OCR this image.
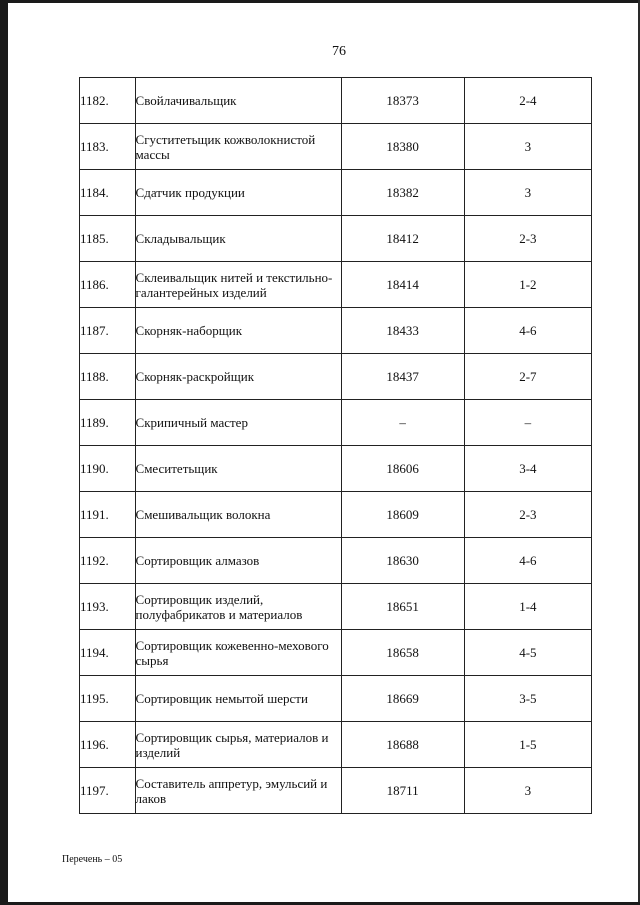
76
1182.	Свойлачивальщик	18373	2-4
1183.	Сгуститетьщик кожволокнистой массы	18380	3
1184.	Сдатчик продукции	18382	3
1185.	Складывальщик	18412	2-3
1186.	Склеивальщик нитей и текстильно-галантерейных изделий	18414	1-2
1187.	Скорняк-наборщик	18433	4-6
1188.	Скорняк-раскройщик	18437	2-7
1189.	Скрипичный мастер	–	–
1190.	Смеситетьщик	18606	3-4
1191.	Смешивальщик волокна	18609	2-3
1192.	Сортировщик алмазов	18630	4-6
1193.	Сортировщик изделий, полуфабрикатов и материалов	18651	1-4
1194.	Сортировщик кожевенно-мехового сырья	18658	4-5
1195.	Сортировщик немытой шерсти	18669	3-5
1196.	Сортировщик сырья, материалов и изделий	18688	1-5
1197.	Составитель аппретур, эмульсий и лаков	18711	3
Перечень – 05
